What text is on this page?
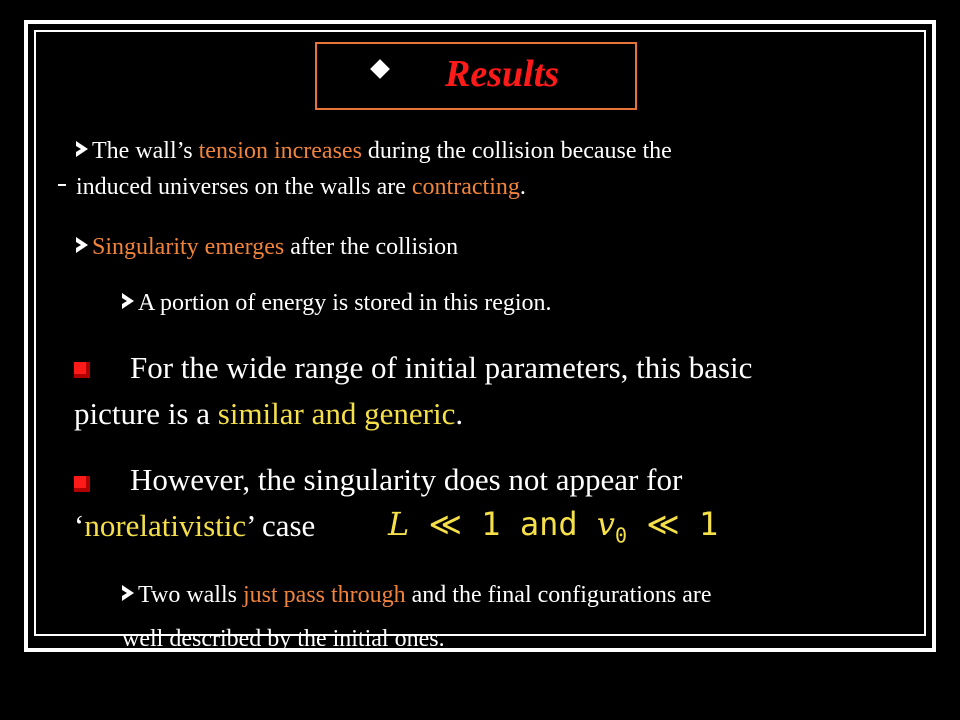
Results
The wall’s tension increases during the collision because the
induced universes on the walls are contracting.
Singularity emerges after the collision
A portion of energy is stored in this region.
For the wide range of initial parameters, this basic
picture is a similar and generic.
However, the singularity does not appear for
‘norelativistic’ case L ≪ 1 and $v_0$ ≪ 1
Two walls just pass through and the final configurations are
well described by the initial ones.
